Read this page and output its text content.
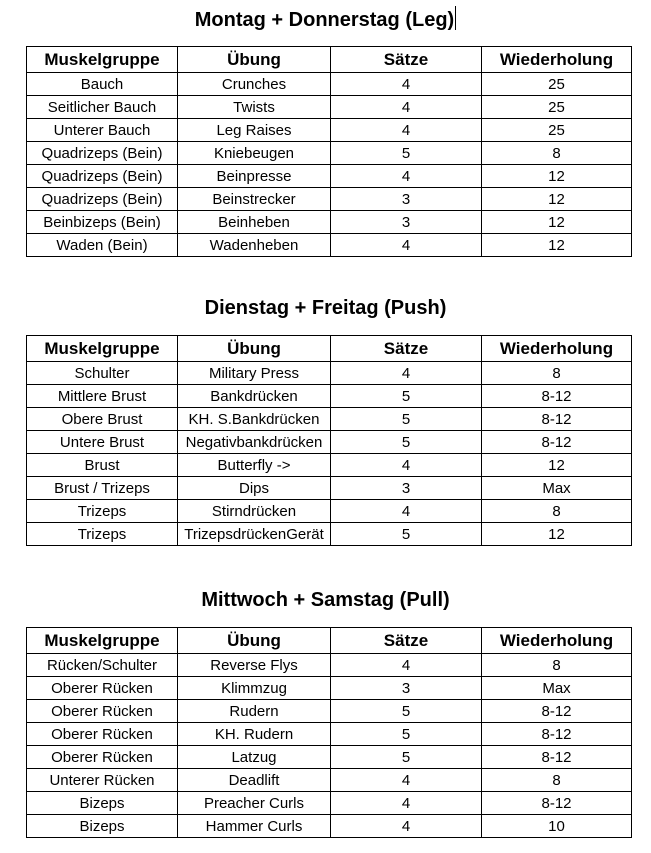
Montag + Donnerstag (Leg)
Muskelgruppe	Übung	Sätze	Wiederholung
Bauch	Crunches	4	25
Seitlicher Bauch	Twists	4	25
Unterer Bauch	Leg Raises	4	25
Quadrizeps (Bein)	Kniebeugen	5	8
Quadrizeps (Bein)	Beinpresse	4	12
Quadrizeps (Bein)	Beinstrecker	3	12
Beinbizeps (Bein)	Beinheben	3	12
Waden (Bein)	Wadenheben	4	12
Dienstag + Freitag (Push)
Muskelgruppe	Übung	Sätze	Wiederholung
Schulter	Military Press	4	8
Mittlere Brust	Bankdrücken	5	8-12
Obere Brust	KH. S.Bankdrücken	5	8-12
Untere Brust	Negativbankdrücken	5	8-12
Brust	Butterfly ->	4	12
Brust / Trizeps	Dips	3	Max
Trizeps	Stirndrücken	4	8
Trizeps	TrizepsdrückenGerät	5	12
Mittwoch + Samstag (Pull)
Muskelgruppe	Übung	Sätze	Wiederholung
Rücken/Schulter	Reverse Flys	4	8
Oberer Rücken	Klimmzug	3	Max
Oberer Rücken	Rudern	5	8-12
Oberer Rücken	KH. Rudern	5	8-12
Oberer Rücken	Latzug	5	8-12
Unterer Rücken	Deadlift	4	8
Bizeps	Preacher Curls	4	8-12
Bizeps	Hammer Curls	4	10
